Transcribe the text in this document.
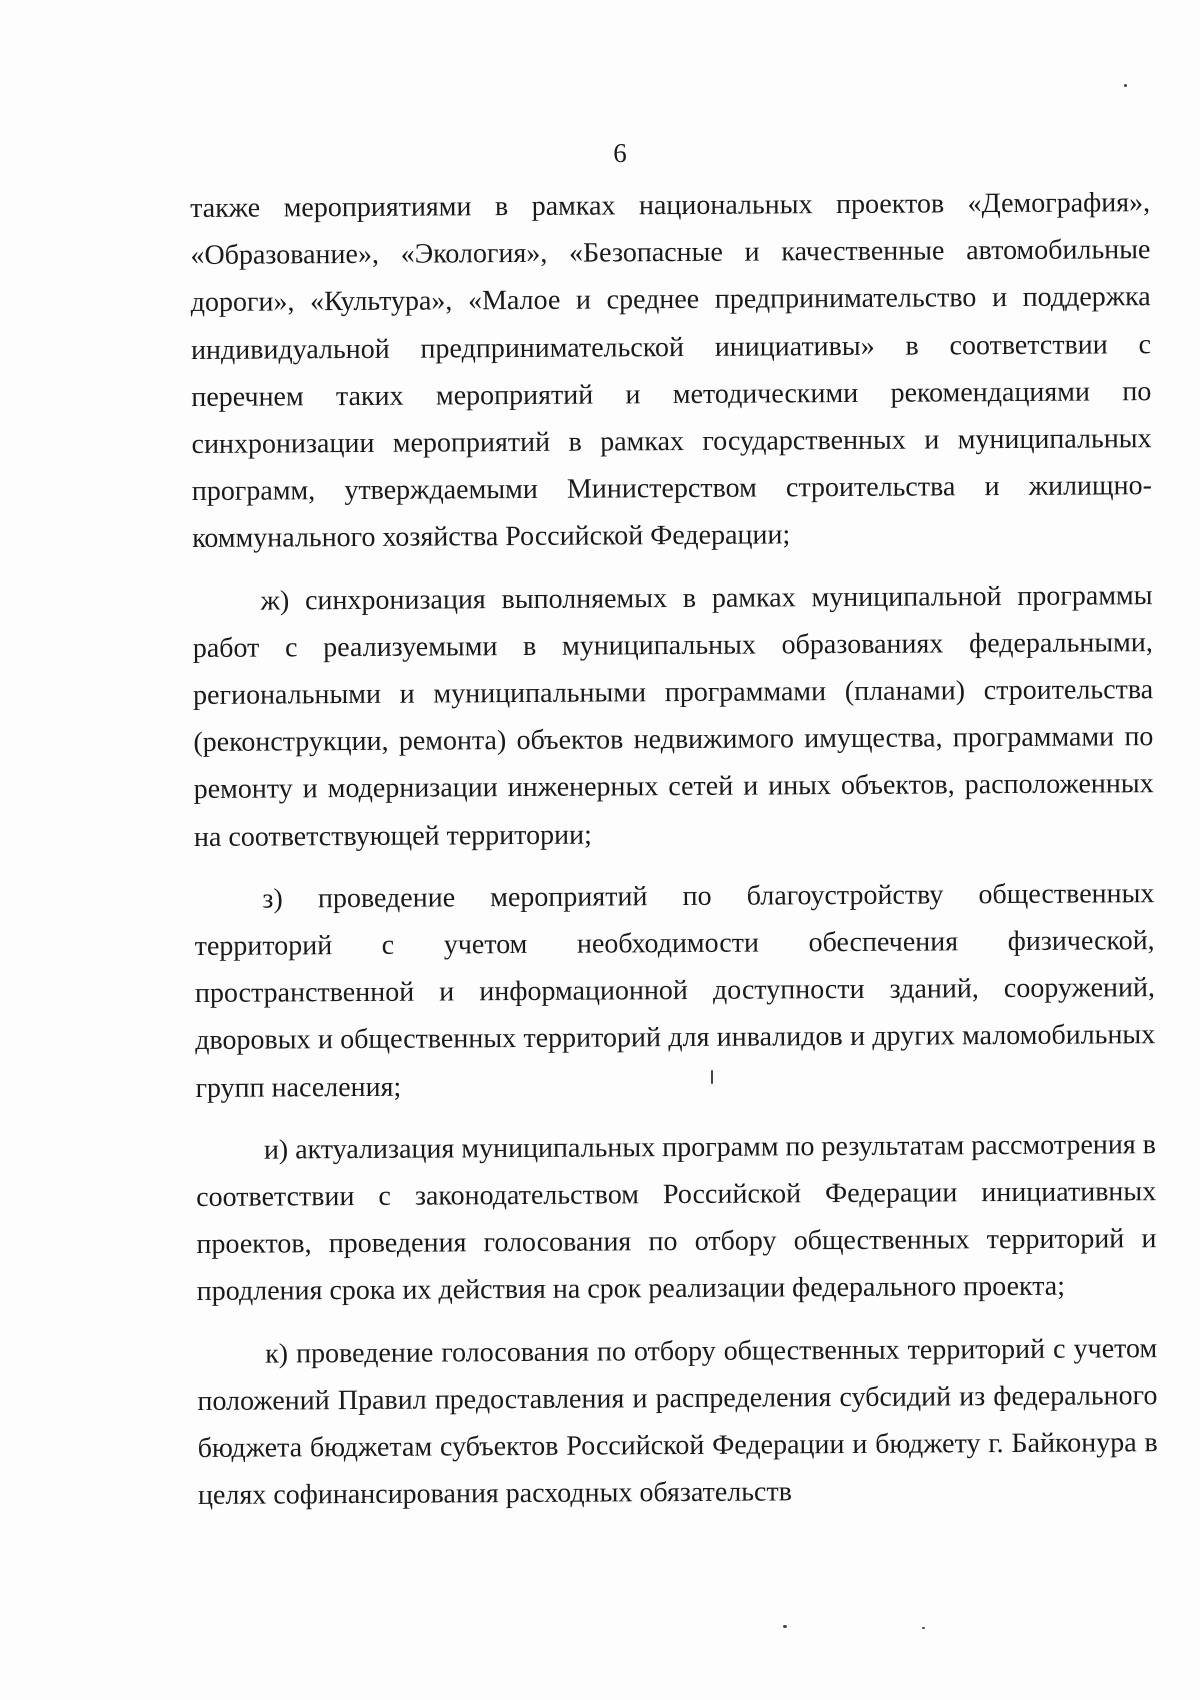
6

также мероприятиями в рамках национальных проектов «Демография», «Образование», «Экология», «Безопасные и качественные автомобильные дороги», «Культура», «Малое и среднее предпринимательство и поддержка индивидуальной предпринимательской инициативы» в соответствии с перечнем таких мероприятий и методическими рекомендациями по синхронизации мероприятий в рамках государственных и муниципальных программ, утверждаемыми Министерством строительства и жилищно-коммунального хозяйства Российской Федерации;

ж) синхронизация выполняемых в рамках муниципальной программы работ с реализуемыми в муниципальных образованиях федеральными, региональными и муниципальными программами (планами) строительства (реконструкции, ремонта) объектов недвижимого имущества, программами по ремонту и модернизации инженерных сетей и иных объектов, расположенных на соответствующей территории;

з) проведение мероприятий по благоустройству общественных территорий с учетом необходимости обеспечения физической, пространственной и информационной доступности зданий, сооружений, дворовых и общественных территорий для инвалидов и других маломобильных групп населения;

и) актуализация муниципальных программ по результатам рассмотрения в соответствии с законодательством Российской Федерации инициативных проектов, проведения голосования по отбору общественных территорий и продления срока их действия на срок реализации федерального проекта;

к) проведение голосования по отбору общественных территорий с учетом положений Правил предоставления и распределения субсидий из федерального бюджета бюджетам субъектов Российской Федерации и бюджету г. Байконура в целях софинансирования расходных обязательств
